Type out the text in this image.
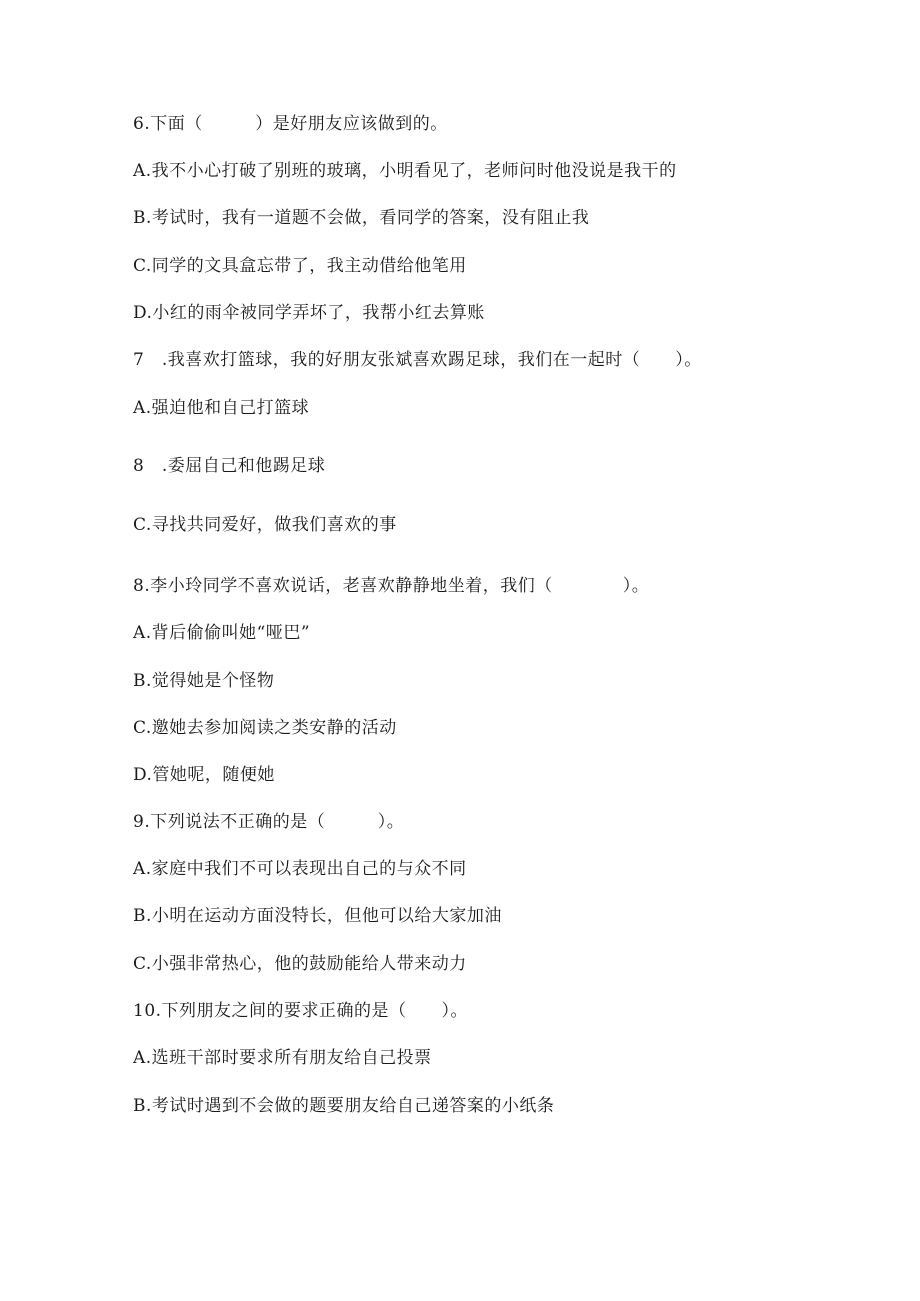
6.下面（　　　）是好朋友应该做到的。
A.我不小心打破了别班的玻璃，小明看见了，老师问时他没说是我干的
B.考试时，我有一道题不会做，看同学的答案，没有阻止我
C.同学的文具盒忘带了，我主动借给他笔用
D.小红的雨伞被同学弄坏了，我帮小红去算账
7　.我喜欢打篮球，我的好朋友张斌喜欢踢足球，我们在一起时（　　）。
A.强迫他和自己打篮球
8　.委屈自己和他踢足球
C.寻找共同爱好，做我们喜欢的事
8.李小玲同学不喜欢说话，老喜欢静静地坐着，我们（　　　　）。
A.背后偷偷叫她“哑巴”
B.觉得她是个怪物
C.邀她去参加阅读之类安静的活动
D.管她呢，随便她
9.下列说法不正确的是（　　　）。
A.家庭中我们不可以表现出自己的与众不同
B.小明在运动方面没特长，但他可以给大家加油
C.小强非常热心，他的鼓励能给人带来动力
10.下列朋友之间的要求正确的是（　　）。
A.选班干部时要求所有朋友给自己投票
B.考试时遇到不会做的题要朋友给自己递答案的小纸条
